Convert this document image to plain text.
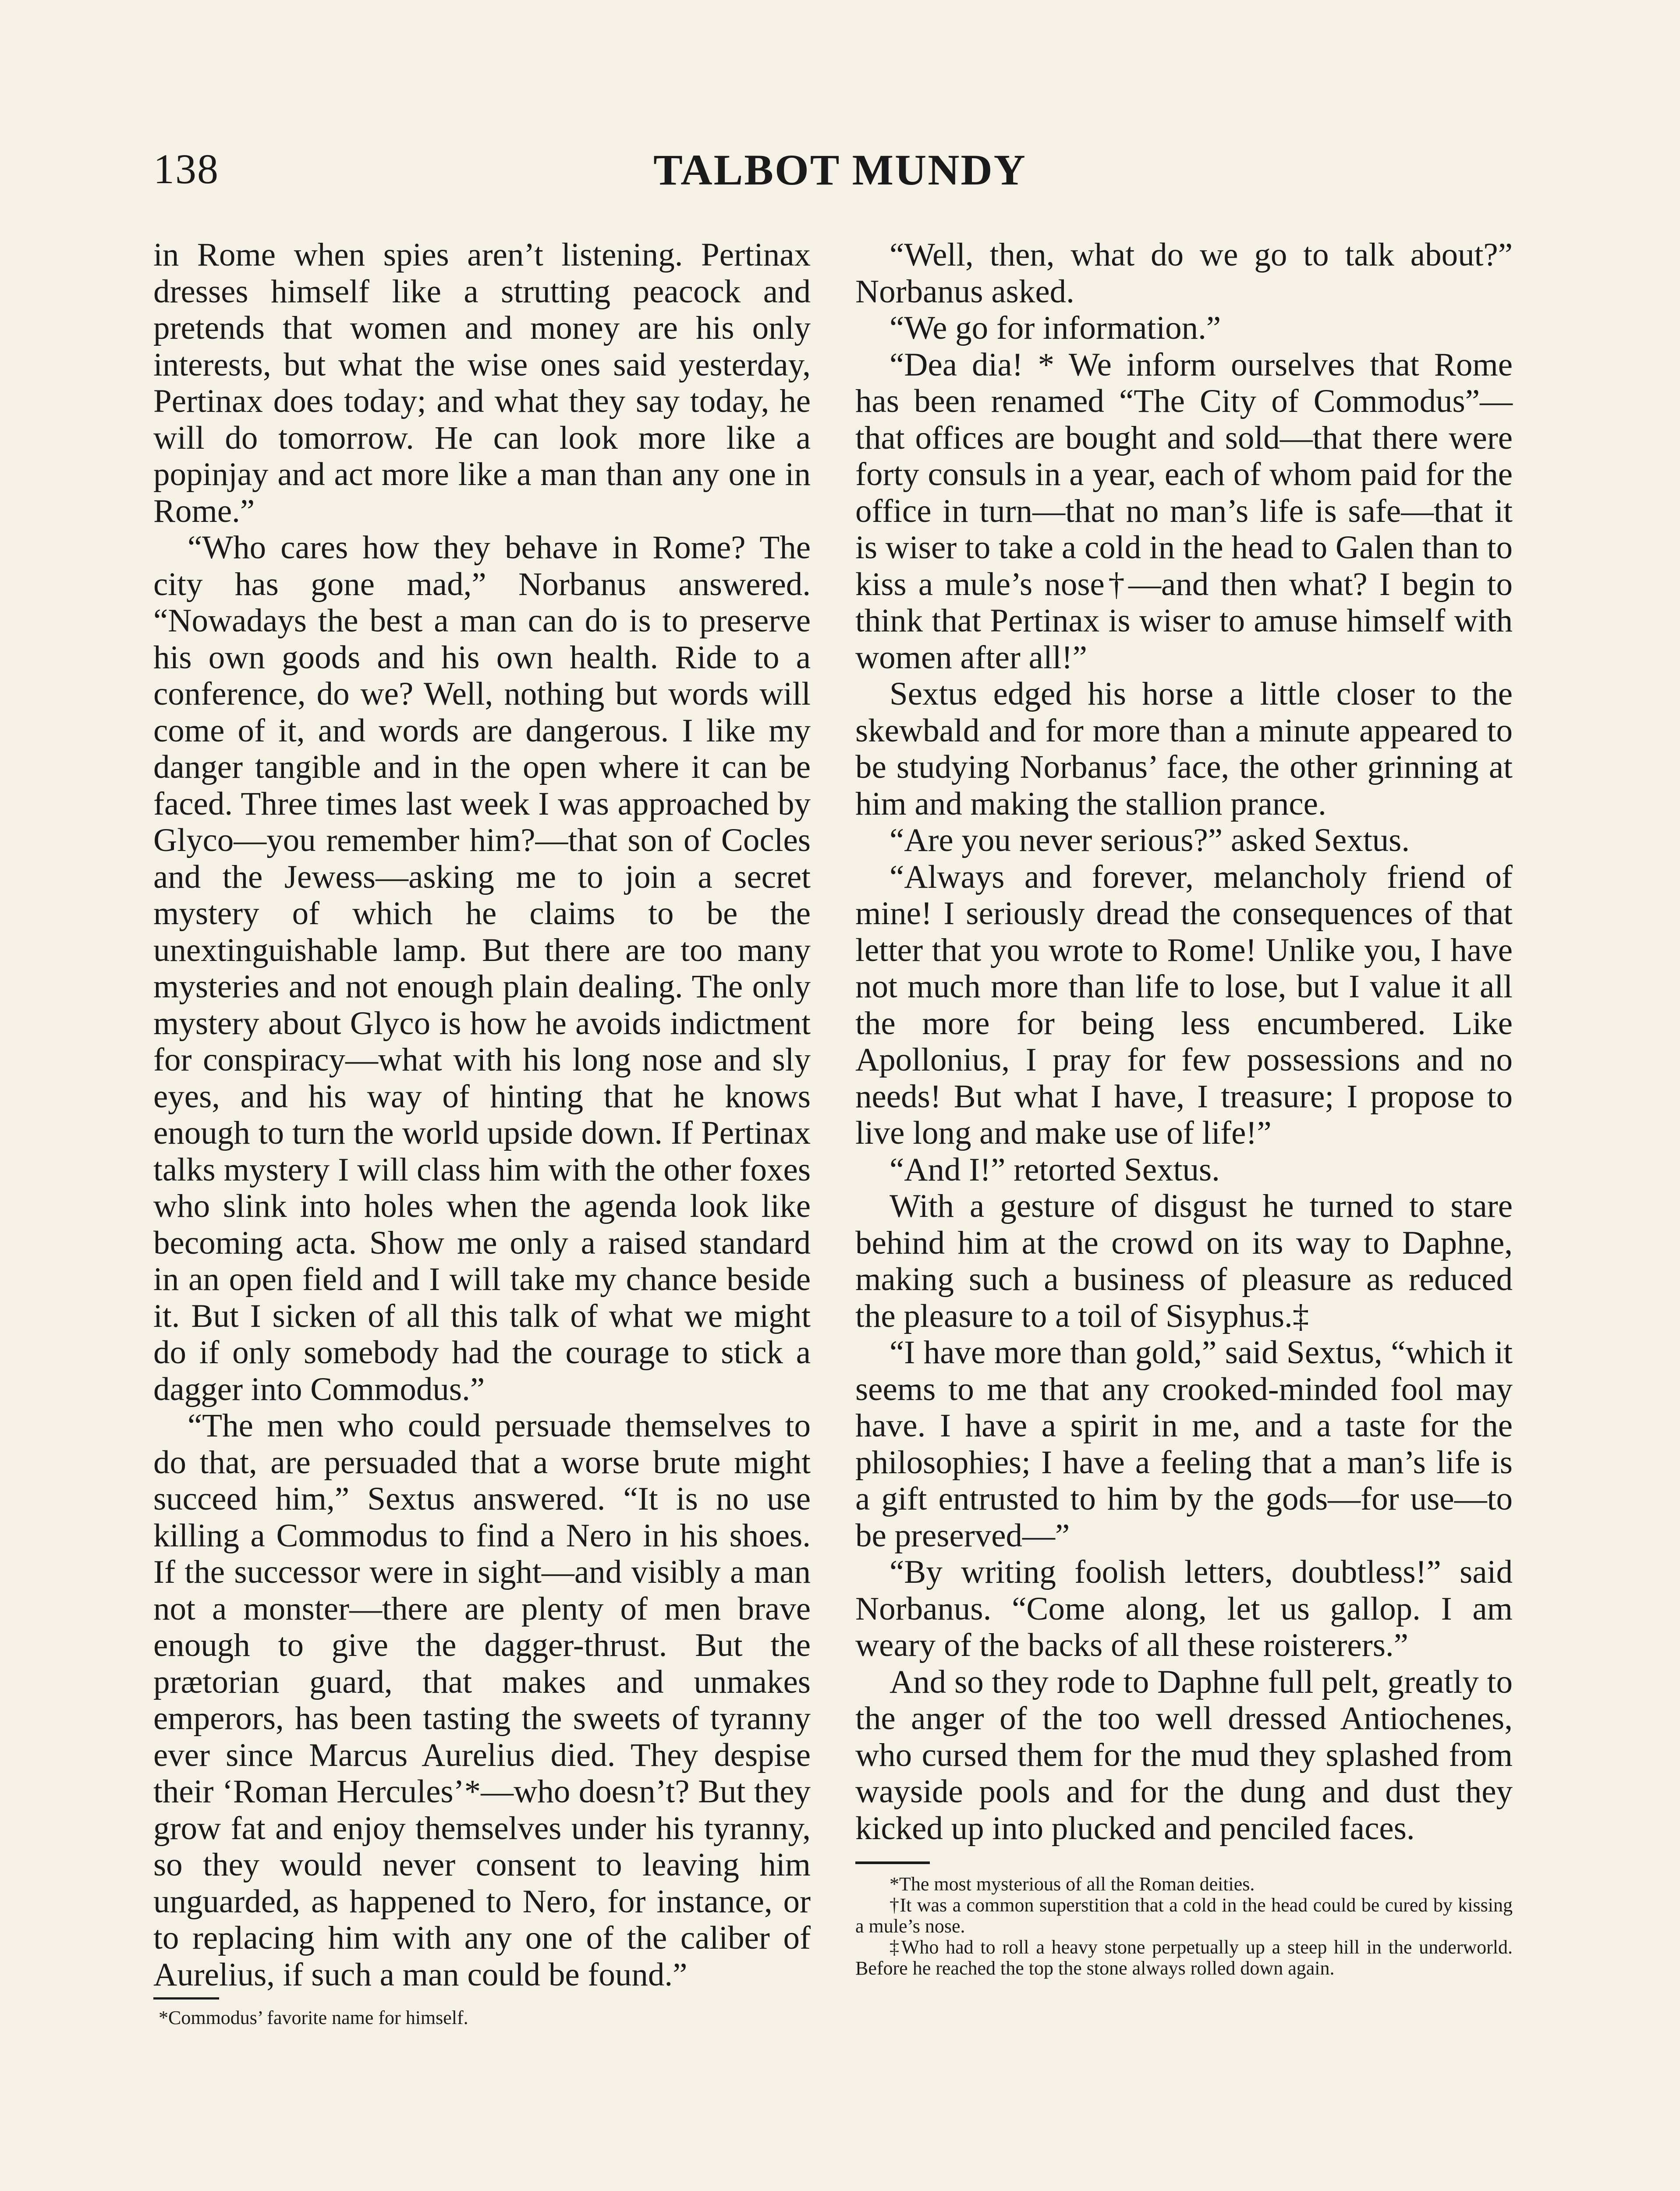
138	TALBOT MUNDY

in Rome when spies aren’t listening. Pertinax dresses himself like a strutting peacock and pretends that women and money are his only interests, but what the wise ones said yesterday, Pertinax does today; and what they say today, he will do tomorrow. He can look more like a popinjay and act more like a man than any one in Rome.”

“Who cares how they behave in Rome? The city has gone mad,” Norbanus answered. “Nowadays the best a man can do is to preserve his own goods and his own health. Ride to a conference, do we? Well, nothing but words will come of it, and words are dangerous. I like my danger tangible and in the open where it can be faced. Three times last week I was approached by Glyco—you remember him?—that son of Cocles and the Jewess—asking me to join a secret mystery of which he claims to be the unextinguishable lamp. But there are too many mysteries and not enough plain dealing. The only mystery about Glyco is how he avoids indictment for conspiracy—what with his long nose and sly eyes, and his way of hinting that he knows enough to turn the world upside down. If Pertinax talks mystery I will class him with the other foxes who slink into holes when the agenda look like becoming acta. Show me only a raised standard in an open field and I will take my chance beside it. But I sicken of all this talk of what we might do if only somebody had the courage to stick a dagger into Commodus.”

“The men who could persuade themselves to do that, are persuaded that a worse brute might succeed him,” Sextus answered. “It is no use killing a Commodus to find a Nero in his shoes. If the successor were in sight—and visibly a man not a monster—there are plenty of men brave enough to give the dagger-thrust. But the prætorian guard, that makes and unmakes emperors, has been tasting the sweets of tyranny ever since Marcus Aurelius died. They despise their ‘Roman Hercules’*—who doesn’t? But they grow fat and enjoy themselves under his tyranny, so they would never consent to leaving him unguarded, as happened to Nero, for instance, or to replacing him with any one of the caliber of Aurelius, if such a man could be found.”

*Commodus’ favorite name for himself.

“Well, then, what do we go to talk about?” Norbanus asked.

“We go for information.”

“Dea dia! * We inform ourselves that Rome has been renamed “The City of Commodus”—that offices are bought and sold—that there were forty consuls in a year, each of whom paid for the office in turn—that no man’s life is safe—that it is wiser to take a cold in the head to Galen than to kiss a mule’s nose†—and then what? I begin to think that Pertinax is wiser to amuse himself with women after all!”

Sextus edged his horse a little closer to the skewbald and for more than a minute appeared to be studying Norbanus’ face, the other grinning at him and making the stallion prance.

“Are you never serious?” asked Sextus.

“Always and forever, melancholy friend of mine! I seriously dread the consequences of that letter that you wrote to Rome! Unlike you, I have not much more than life to lose, but I value it all the more for being less encumbered. Like Apollonius, I pray for few possessions and no needs! But what I have, I treasure; I propose to live long and make use of life!”

“And I!” retorted Sextus.

With a gesture of disgust he turned to stare behind him at the crowd on its way to Daphne, making such a business of pleasure as reduced the pleasure to a toil of Sisyphus.‡

“I have more than gold,” said Sextus, “which it seems to me that any crooked-minded fool may have. I have a spirit in me, and a taste for the philosophies; I have a feeling that a man’s life is a gift entrusted to him by the gods—for use—to be preserved—”

“By writing foolish letters, doubtless!” said Norbanus. “Come along, let us gallop. I am weary of the backs of all these roisterers.”

And so they rode to Daphne full pelt, greatly to the anger of the too well dressed Antiochenes, who cursed them for the mud they splashed from wayside pools and for the dung and dust they kicked up into plucked and penciled faces.

*The most mysterious of all the Roman deities.

†It was a common superstition that a cold in the head could be cured by kissing a mule’s nose.

‡Who had to roll a heavy stone perpetually up a steep hill in the underworld. Before he reached the top the stone always rolled down again.
